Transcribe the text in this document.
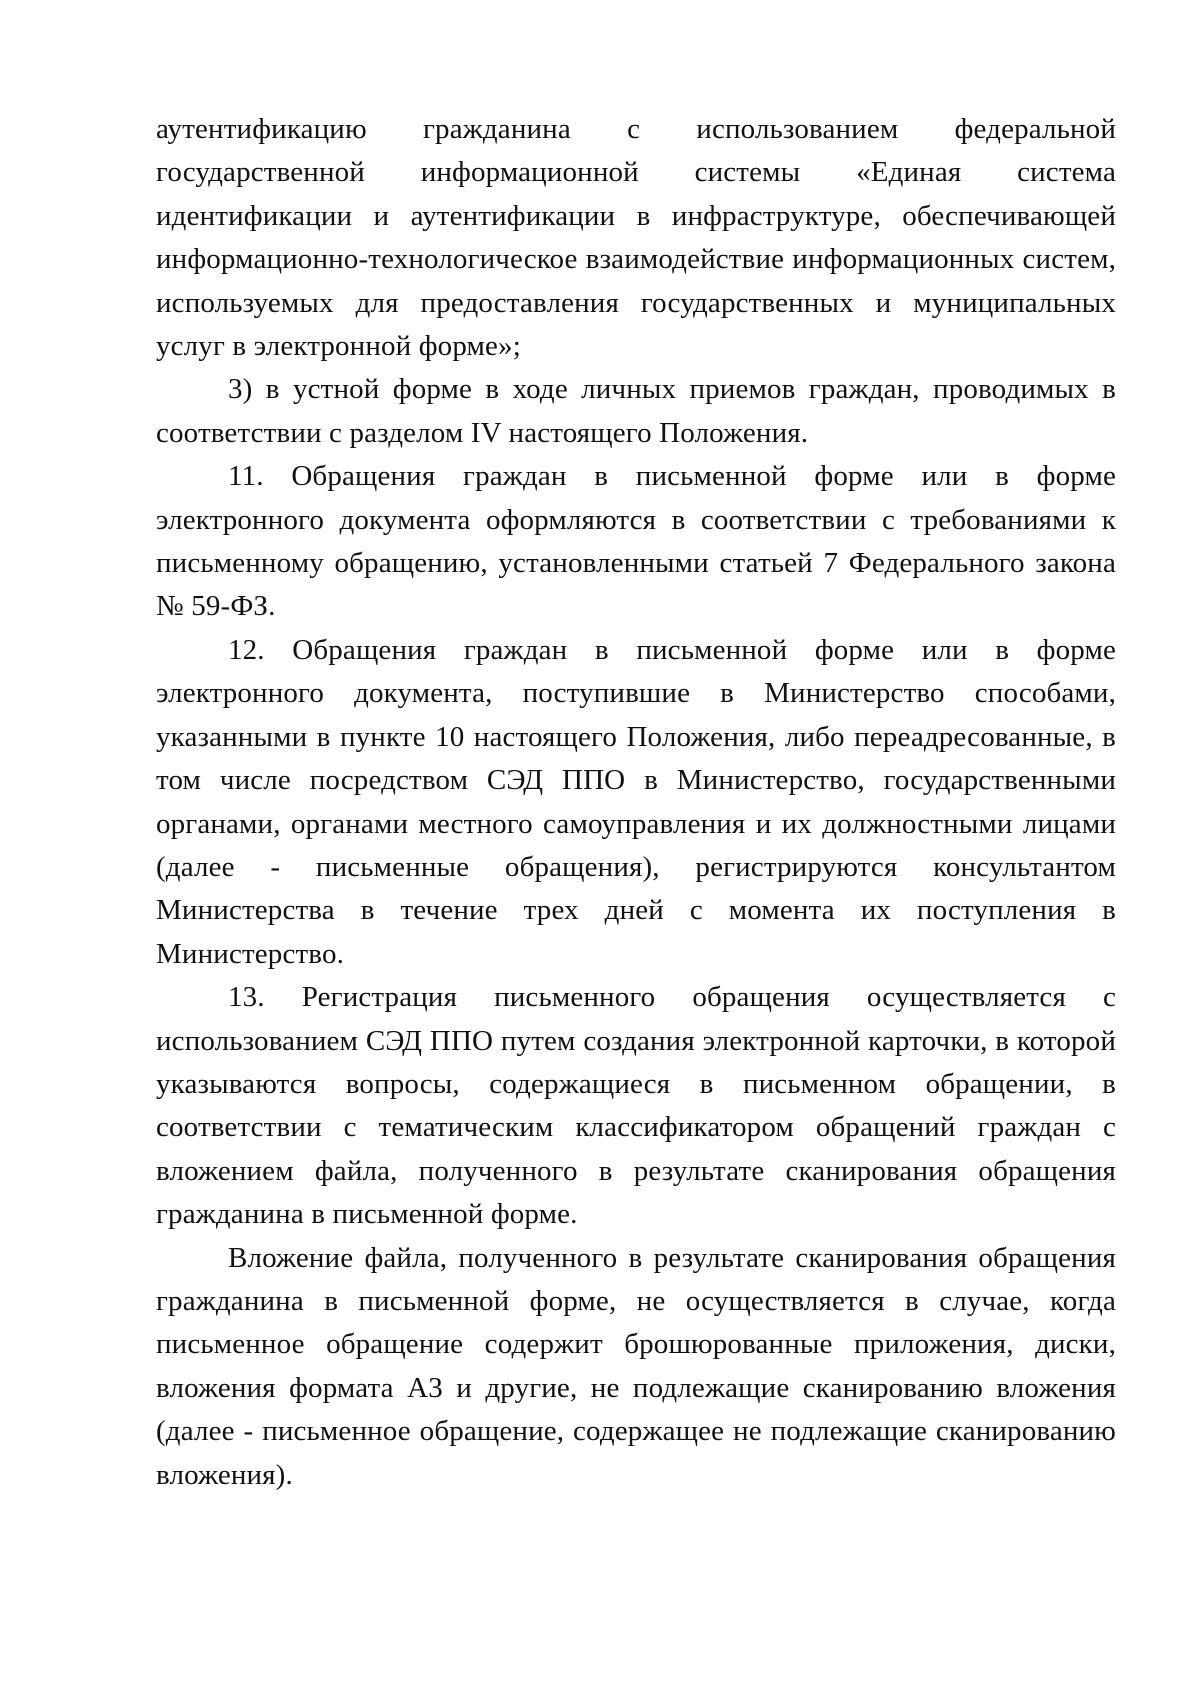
аутентификацию гражданина с использованием федеральной государственной информационной системы «Единая система идентификации и аутентификации в инфраструктуре, обеспечивающей информационно-технологическое взаимодействие информационных систем, используемых для предоставления государственных и муниципальных услуг в электронной форме»;

3) в устной форме в ходе личных приемов граждан, проводимых в соответствии с разделом IV настоящего Положения.

11. Обращения граждан в письменной форме или в форме электронного документа оформляются в соответствии с требованиями к письменному обращению, установленными статьей 7 Федерального закона № 59-ФЗ.

12. Обращения граждан в письменной форме или в форме электронного документа, поступившие в Министерство способами, указанными в пункте 10 настоящего Положения, либо переадресованные, в том числе посредством СЭД ППО в Министерство, государственными органами, органами местного самоуправления и их должностными лицами (далее - письменные обращения), регистрируются консультантом Министерства в течение трех дней с момента их поступления в Министерство.

13. Регистрация письменного обращения осуществляется с использованием СЭД ППО путем создания электронной карточки, в которой указываются вопросы, содержащиеся в письменном обращении, в соответствии с тематическим классификатором обращений граждан с вложением файла, полученного в результате сканирования обращения гражданина в письменной форме.

Вложение файла, полученного в результате сканирования обращения гражданина в письменной форме, не осуществляется в случае, когда письменное обращение содержит брошюрованные приложения, диски, вложения формата А3 и другие, не подлежащие сканированию вложения (далее - письменное обращение, содержащее не подлежащие сканированию вложения).
